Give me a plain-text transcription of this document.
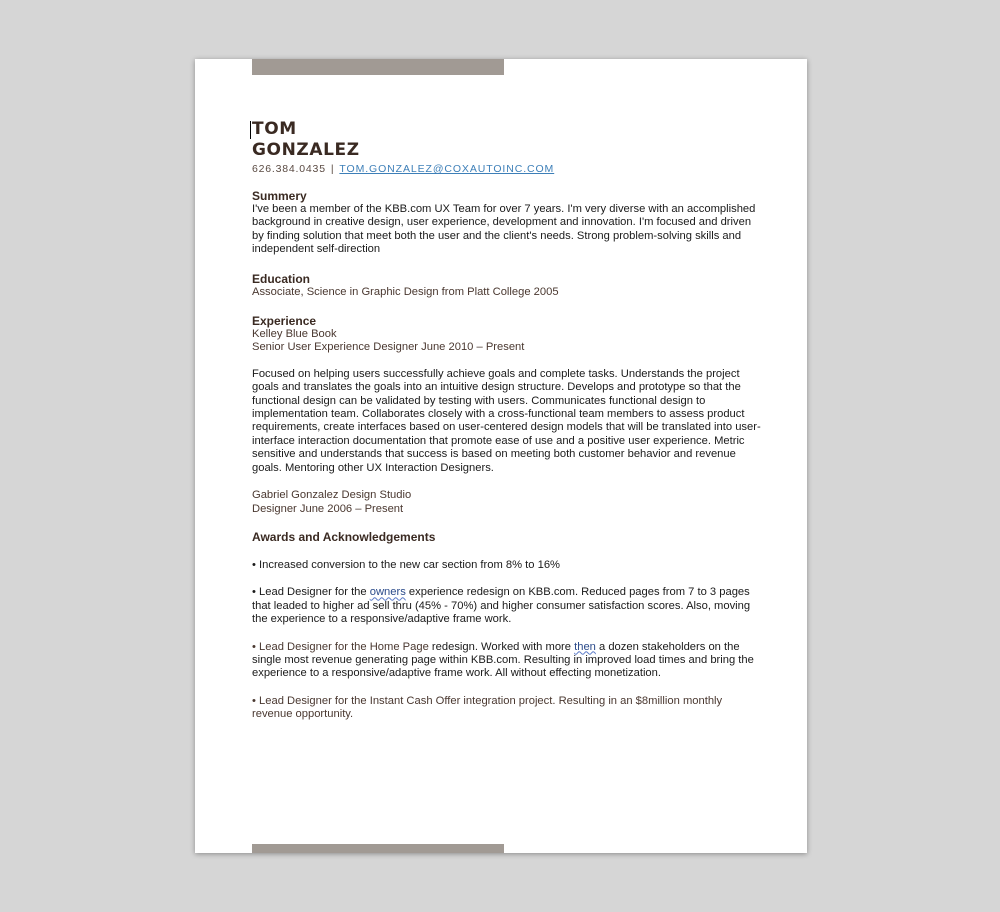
TOM

GONZALEZ

626.384.0435 | TOM.GONZALEZ@COXAUTOINC.COM
Summery

I've been a member of the KBB.com UX Team for over 7 years. I'm very diverse with an accomplished background in creative design, user experience, development and innovation. I'm focused and driven by finding solution that meet both the user and the client's needs. Strong problem-solving skills and independent self-direction

Education

Associate, Science in Graphic Design from Platt College 2005

Experience

Kelley Blue Book

Senior User Experience Designer June 2010 – Present

Focused on helping users successfully achieve goals and complete tasks. Understands the project goals and translates the goals into an intuitive design structure. Develops and prototype so that the functional design can be validated by testing with users. Communicates functional design to implementation team. Collaborates closely with a cross-functional team members to assess product requirements, create interfaces based on user-centered design models that will be translated into user-interface interaction documentation that promote ease of use and a positive user experience. Metric sensitive and understands that success is based on meeting both customer behavior and revenue goals. Mentoring other UX Interaction Designers.

Gabriel Gonzalez Design Studio

Designer June 2006 – Present

Awards and Acknowledgements

• Increased conversion to the new car section from 8% to 16%

• Lead Designer for the owners experience redesign on KBB.com. Reduced pages from 7 to 3 pages that leaded to higher ad sell thru (45% - 70%) and higher consumer satisfaction scores. Also, moving the experience to a responsive/adaptive frame work.

• Lead Designer for the Home Page redesign. Worked with more then a dozen stakeholders on the single most revenue generating page within KBB.com. Resulting in improved load times and bring the experience to a responsive/adaptive frame work. All without effecting monetization.

• Lead Designer for the Instant Cash Offer integration project. Resulting in an $8million monthly revenue opportunity.
